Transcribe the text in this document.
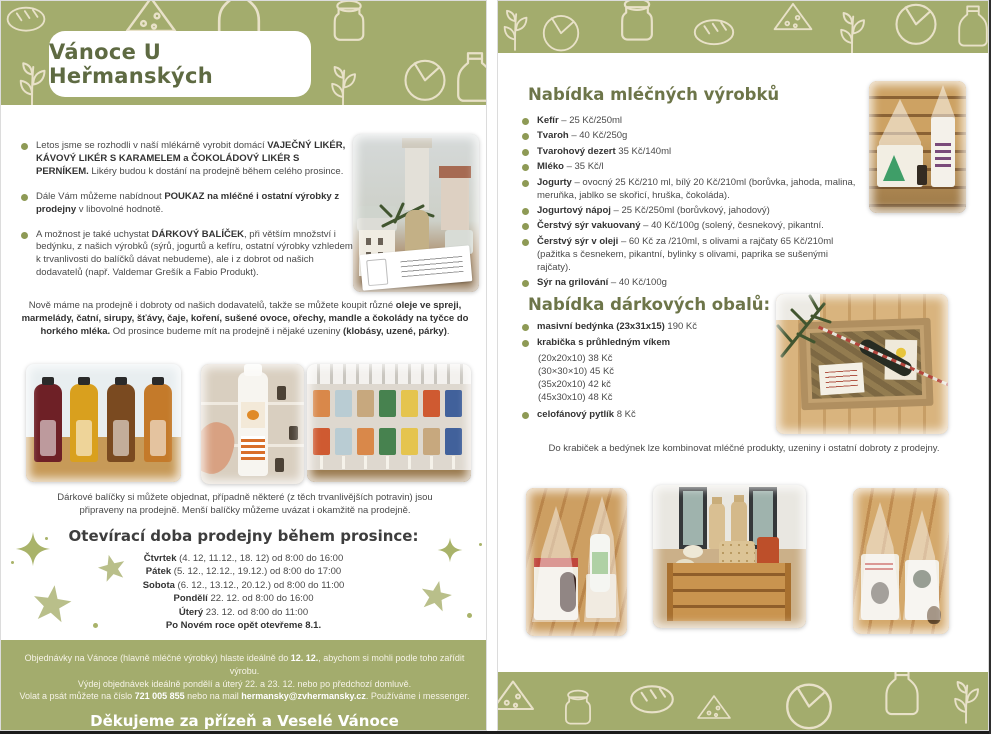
Vánoce U Heřmanských
Letos jsme se rozhodli v naší mlékárně vyrobit domácí VAJEČNÝ LIKÉR, KÁVOVÝ LIKÉR S KARAMELEM a ČOKOLÁDOVÝ LIKÉR S PERNÍKEM. Likéry budou k dostání na prodejně během celého prosince.
Dále Vám můžeme nabídnout POUKAZ na mléčné i ostatní výrobky z prodejny v libovolné hodnotě.
A možnost je také uchystat DÁRKOVÝ BALÍČEK, při větším množství i bedýnku, z našich výrobků (sýrů, jogurtů a kefíru, ostatní výrobky vzhledem k trvanlivosti do balíčků dávat nebudeme), ale i z dobrot od našich dodavatelů (např. Valdemar Grešík a Fabio Produkt).

Nově máme na prodejně i dobroty od našich dodavatelů, takže se můžete koupit různé oleje ve spreji, marmelády, čatní, sirupy, šťávy, čaje, koření, sušené ovoce, ořechy, mandle a čokolády na tyčce do horkého mléka. Od prosince budeme mít na prodejně i nějaké uzeniny (klobásy, uzené, párky).

Dárkové balíčky si můžete objednat, případně některé (z těch trvanlivějších potravin) jsou připraveny na prodejně. Menší balíčky můžeme uvázat i okamžitě na prodejně.

Otevírací doba prodejny během prosince:
Čtvrtek (4. 12, 11.12., 18. 12) od 8:00 do 16:00
Pátek (5. 12., 12.12., 19.12.) od 8:00 do 17:00
Sobota (6. 12., 13.12., 20.12.) od 8:00 do 11:00
Pondělí 22. 12. od 8:00 do 16:00
Úterý 23. 12. od 8:00 do 11:00
Po Novém roce opět otevřeme 8.1.
Objednávky na Vánoce (hlavně mléčné výrobky) hlaste ideálně do 12. 12., abychom si mohli podle toho zařídit výrobu.
Výdej objednávek ideálně pondělí a úterý 22. a 23. 12. nebo po předchozí domluvě.
Volat a psát můžete na číslo 721 005 855 nebo na mail hermansky@zvhermansky.cz. Používáme i messenger.
Děkujeme za přízeň a Veselé Vánoce
Nabídka mléčných výrobků
Kefír – 25 Kč/250ml
Tvaroh – 40 Kč/250g
Tvarohový dezert 35 Kč/140ml
Mléko – 35 Kč/l
Jogurty – ovocný 25 Kč/210 ml, bílý 20 Kč/210ml (borůvka, jahoda, malina, meruňka, jablko se skořicí, hruška, čokoláda).
Jogurtový nápoj – 25 Kč/250ml (borůvkový, jahodový)
Čerstvý sýr vakuovaný – 40 Kč/100g (solený, česnekový, pikantní.
Čerstvý sýr v oleji – 60 Kč za /210ml, s olivami a rajčaty 65 Kč/210ml (pažitka s česnekem, pikantní, bylinky s olivami, paprika se sušenými rajčaty).
Sýr na grilování – 40 Kč/100g
Nabídka dárkových obalů:
masivní bedýnka (23x31x15) 190 Kč
krabička s průhledným víkem
(20x20x10) 38 Kč
(30×30×10) 45 Kč
(35x20x10) 42 kč
(45x30x10) 48 Kč
celofánový pytlík 8 Kč

Do krabiček a bedýnek lze kombinovat mléčné produkty, uzeniny i ostatní dobroty z prodejny.
